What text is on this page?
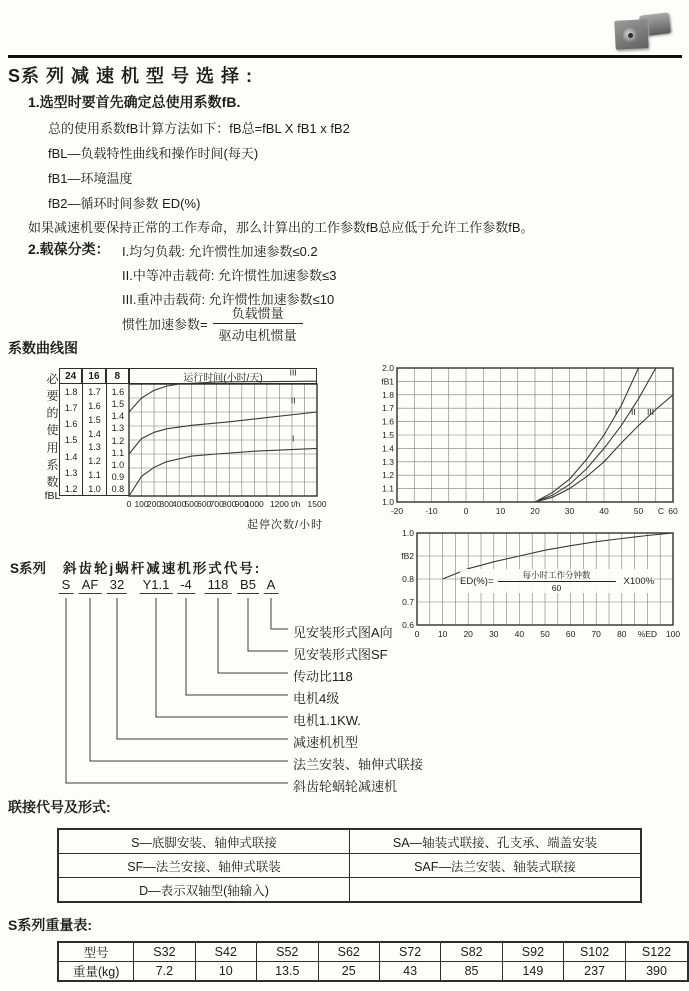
S系 列 减 速 机 型 号 选 择 :
1.选型时要首先确定总使用系数fB.
如果减速机要保持正常的工作寿命，那么计算出的工作参数fB总应低于允许工作参数fB。
2.载葆分类：
惯性加速参数= $\frac{\text{负载惯量}}{\text{驱动电机惯量}}$
系数曲线图
III
II
I
0 100
200
300
400
500
600
700
800
900
1000 1200 t/h 1500
必
要
的
使
用
系
数
fBL
24	16	8	运行时间(小时/天)
1.8
1.7
1.6
1.5
1.4
1.3
1.2
1.7
1.6
1.5
1.4
1.3
1.2
1.1
1.0
1.6
1.5
1.4
1.3
1.2
1.1
1.0
0.9
0.8
起停次数/小时
I II III
-20	-10	0	10	20	30	40	50 C 60
2.0
fB1
1.8
1.7
1.6
1.5
1.4
1.3
1.2
1.1
1.0
0 10 20 30 40 50 60 70 80 %ED 100
1.0
fB2
0.8
0.7
0.6
$ED(\%)= \frac{\text{每小时工作分钟数}}{60} X100\%$
S系列 斜齿轮j蜗杆减速机形式代号:
S AF 32 Y1.1 -4 118 B5 A
见安装形式图A向
见安装形式图SF
传动比118
电机4级
电机1.1KW.
减速机机型
法兰安装、轴伸式联接
斜齿轮蜗轮减速机
联接代号及形式:
S—底脚安装、轴伸式联接	SA—轴装式联接、孔支承、端盖安装
SF—法兰安接、轴伸式联装	SAF—法兰安装、轴装式联接
D—表示双轴型(轴输入)	
S系列重量表:
型号	S32	S42	S52	S62	S72	S82	S92	S102	S122
重量(kg)	7.2	10	13.5	25	43	85	149	237	390
总的使用系数fB计算方法如下：fB总=fBL X fB1 x fB2
fBL—负载特性曲线和操作时间(每天)
fB1—环境温度
fB2—循环时间参数 ED(%)
I.均匀负载: 允许惯性加速参数≤0.2
II.中等冲击载荷: 允许惯性加速参数≤3
III.重冲击载荷: 允许惯性加速参数≤10
